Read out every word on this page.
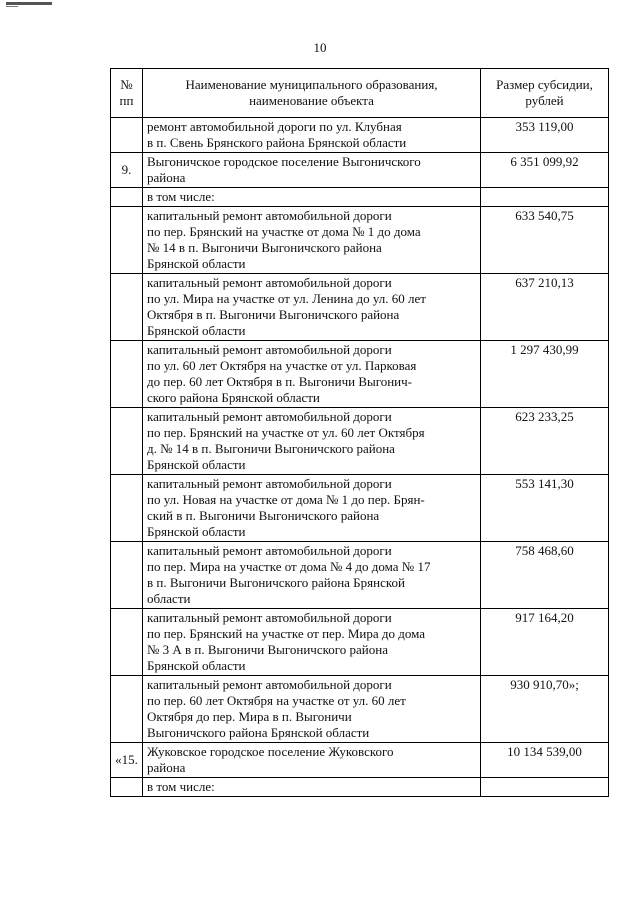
10
№
пп	Наименование муниципального образования,
наименование объекта	Размер субсидии,
рублей
	ремонт автомобильной дороги по ул. Клубная
в п. Свень Брянского района Брянской области	353 119,00
9.	Выгоничское городское поселение Выгоничского
района	6 351 099,92
	в том числе:	
	капитальный ремонт автомобильной дороги
по пер. Брянский на участке от дома № 1 до дома
№ 14 в п. Выгоничи Выгоничского района
Брянской области	633 540,75
	капитальный ремонт автомобильной дороги
по ул. Мира на участке от ул. Ленина до ул. 60 лет
Октября в п. Выгоничи Выгоничского района
Брянской области	637 210,13
	капитальный ремонт автомобильной дороги
по ул. 60 лет Октября на участке от ул. Парковая
до пер. 60 лет Октября в п. Выгоничи Выгонич-
ского района Брянской области	1 297 430,99
	капитальный ремонт автомобильной дороги
по пер. Брянский на участке от ул. 60 лет Октября
д. № 14 в п. Выгоничи Выгоничского района
Брянской области	623 233,25
	капитальный ремонт автомобильной дороги
по ул. Новая на участке от дома № 1 до пер. Брян-
ский в п. Выгоничи Выгоничского района
Брянской области	553 141,30
	капитальный ремонт автомобильной дороги
по пер. Мира на участке от дома № 4 до дома № 17
в п. Выгоничи Выгоничского района Брянской
области	758 468,60
	капитальный ремонт автомобильной дороги
по пер. Брянский на участке от пер. Мира до дома
№ 3 А в п. Выгоничи Выгоничского района
Брянской области	917 164,20
	капитальный ремонт автомобильной дороги
по пер. 60 лет Октября на участке от ул. 60 лет
Октября до пер. Мира в п. Выгоничи
Выгоничского района Брянской области	930 910,70»;
«15.	Жуковское городское поселение Жуковского
района	10 134 539,00
	в том числе:	
